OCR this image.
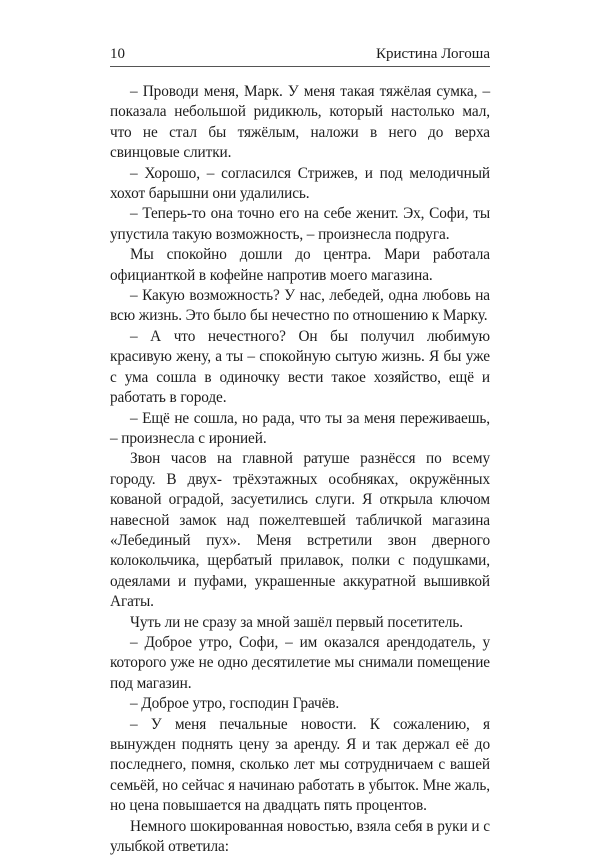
10	Кристина Логоша

– Проводи меня, Марк. У меня такая тяжёлая сумка, – показала небольшой ридикюль, который настолько мал, что не стал бы тяжёлым, наложи в него до верха свинцовые слитки.

– Хорошо, – согласился Стрижев, и под мелодичный хохот барышни они удалились.

– Теперь-то она точно его на себе женит. Эх, Софи, ты упустила такую возможность, – произнесла подруга.

Мы спокойно дошли до центра. Мари работала официанткой в кофейне напротив моего магазина.

– Какую возможность? У нас, лебедей, одна любовь на всю жизнь. Это было бы нечестно по отношению к Марку.

– А что нечестного? Он бы получил любимую красивую жену, а ты – спокойную сытую жизнь. Я бы уже с ума сошла в одиночку вести такое хозяйство, ещё и работать в городе.

– Ещё не сошла, но рада, что ты за меня переживаешь, – произнесла с иронией.

Звон часов на главной ратуше разнёсся по всему городу. В двух- трёхэтажных особняках, окружённых кованой оградой, засуетились слуги. Я открыла ключом навесной замок над пожелтевшей табличкой магазина «Лебединый пух». Меня встретили звон дверного колокольчика, щербатый прилавок, полки с подушками, одеялами и пуфами, украшенные аккуратной вышивкой Агаты.

Чуть ли не сразу за мной зашёл первый посетитель.

– Доброе утро, Софи, – им оказался арендодатель, у которого уже не одно десятилетие мы снимали помещение под магазин.

– Доброе утро, господин Грачёв.

– У меня печальные новости. К сожалению, я вынужден поднять цену за аренду. Я и так держал её до последнего, помня, сколько лет мы сотрудничаем с вашей семьёй, но сейчас я начинаю работать в убыток. Мне жаль, но цена повышается на двадцать пять процентов.

Немного шокированная новостью, взяла себя в руки и с улыбкой ответила:
